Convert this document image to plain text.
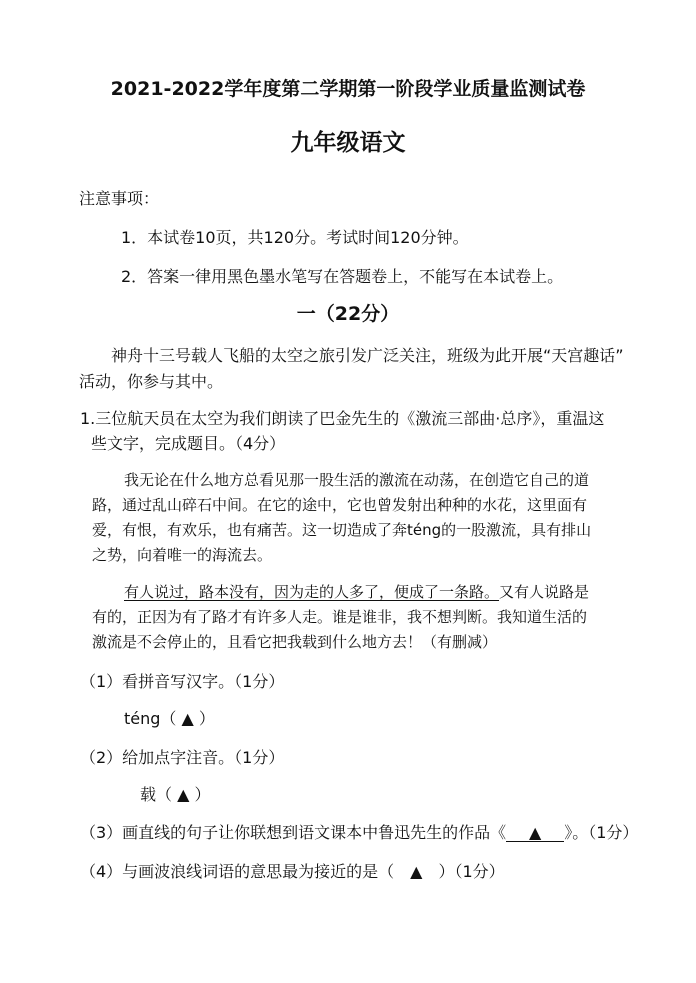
2021-2022学年度第二学期第一阶段学业质量监测试卷
九年级语文
注意事项：
1．本试卷10页，共120分。考试时间120分钟。
2．答案一律用黑色墨水笔写在答题卷上，不能写在本试卷上。
一（22分）
神舟十三号载人飞船的太空之旅引发广泛关注，班级为此开展“天宫趣话”
活动，你参与其中。
1.三位航天员在太空为我们朗读了巴金先生的《激流三部曲·总序》，重温这
些文字，完成题目。（4分）
我无论在什么地方总看见那一股生活的激流在动荡，在创造它自己的道
路，通过乱山碎石中间。在它的途中，它也曾发射出种种的水花，这里面有
爱，有恨，有欢乐，也有痛苦。这一切造成了奔téng的一股激流，具有排山
之势，向着唯一的海流去。
有人说过，路本没有，因为走的人多了，便成了一条路。又有人说路是
有的，正因为有了路才有许多人走。谁是谁非，我不想判断。我知道生活的
激流是不会停止的，且看它把我载到什么地方去！（有删减）
（1）看拼音写汉字。（1分）
téng（ ▲ ）
（2）给加点字注音。（1分）
载（ ▲ ）
（3）画直线的句子让你联想到语文课本中鲁迅先生的作品《 ▲ 》。（1分）
（4）与画波浪线词语的意思最为接近的是（　▲　）（1分）
